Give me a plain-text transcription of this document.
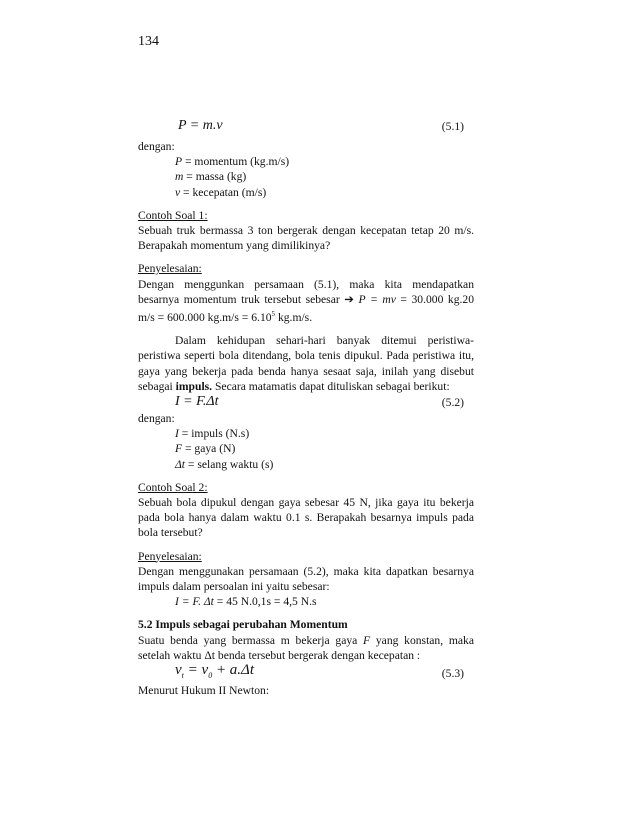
134
P = m.v	(5.1)

dengan:

P = momentum (kg.m/s)

m = massa (kg)

v = kecepatan (m/s)

Contoh Soal 1:

Sebuah truk bermassa 3 ton bergerak dengan kecepatan tetap 20 m/s. Berapakah momentum yang dimilikinya?

Penyelesaian:

Dengan menggunkan persamaan (5.1), maka kita mendapatkan besarnya momentum truk tersebut sebesar ➔ P = mv = 30.000 kg.20 m/s = 600.000 $kg.m/s = 6.10^5$ kg.m/s.

Dalam kehidupan sehari-hari banyak ditemui peristiwa-peristiwa seperti bola ditendang, bola tenis dipukul. Pada peristiwa itu, gaya yang bekerja pada benda hanya sesaat saja, inilah yang disebut sebagai impuls. Secara matamatis dapat dituliskan sebagai berikut:

I = F.Δt	(5.2)

dengan:

I = impuls (N.s)

F = gaya (N)

Δt = selang waktu (s)

Contoh Soal 2:

Sebuah bola dipukul dengan gaya sebesar 45 N, jika gaya itu bekerja pada bola hanya dalam waktu 0.1 s. Berapakah besarnya impuls pada bola tersebut?

Penyelesaian:

Dengan menggunakan persamaan (5.2), maka kita dapatkan besarnya impuls dalam persoalan ini yaitu sebesar:

I = F. Δt = 45 N.0,1s = 4,5 N.s

5.2 Impuls sebagai perubahan Momentum

Suatu benda yang bermassa m bekerja gaya F yang konstan, maka setelah waktu Δt benda tersebut bergerak dengan kecepatan :

$v_t = v_0 + a.\Delta t$	(5.3)

Menurut Hukum II Newton:
